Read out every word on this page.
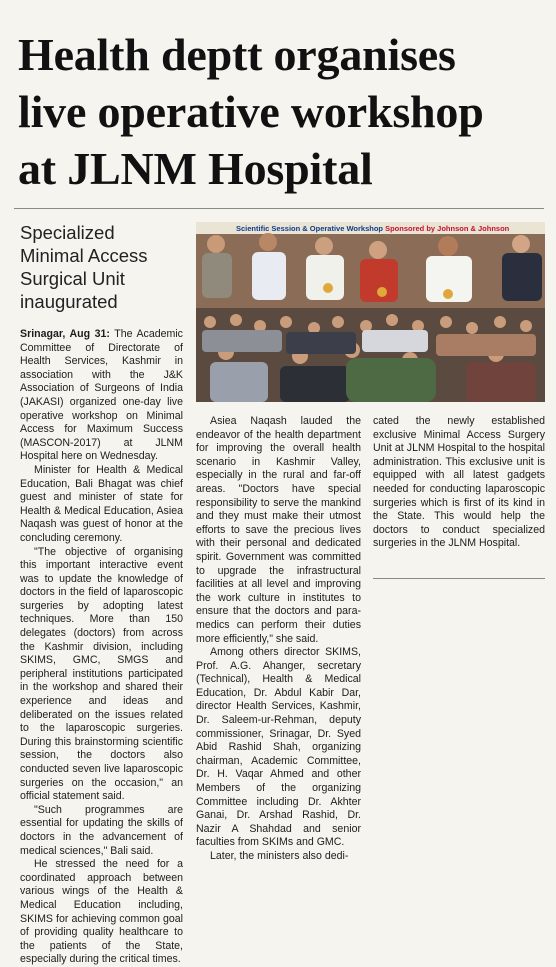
Health deptt organises
live operative workshop
at JLNM Hospital
Specialized
Minimal Access
Surgical Unit
inaugurated
Scientific Session & Operative Workshop Sponsored by Johnson & Johnson

Srinagar, Aug 31: The Academic Committee of Directorate of Health Services, Kashmir in association with the J&K Association of Surgeons of India (JAKASI) organized one-day live operative workshop on Minimal Access for Maximum Success (MASCON-2017) at JLNM Hospital here on Wednesday.

Minister for Health & Medical Education, Bali Bhagat was chief guest and minister of state for Health & Medical Education, Asiea Naqash was guest of honor at the concluding ceremony.

"The objective of organising this important interactive event was to update the knowledge of doctors in the field of laparoscopic surgeries by adopting latest techniques. More than 150 delegates (doctors) from across the Kashmir division, including SKIMS, GMC, SMGS and peripheral institutions participated in the workshop and shared their experience and ideas and deliberated on the issues related to the laparoscopic surgeries. During this brainstorming scientific session, the doctors also conducted seven live laparoscopic surgeries on the occasion," an official statement said.

"Such programmes are essential for updating the skills of doctors in the advancement of medical sciences," Bali said.

He stressed the need for a coordinated approach between various wings of the Health & Medical Education including, SKIMS for achieving common goal of providing quality healthcare to the patients of the State, especially during the critical times.

Asiea Naqash lauded the endeavor of the health department for improving the overall health scenario in Kashmir Valley, especially in the rural and far-off areas. "Doctors have special responsibility to serve the mankind and they must make their utmost efforts to save the precious lives with their personal and dedicated spirit. Government was committed to upgrade the infrastructural facilities at all level and improving the work culture in institutes to ensure that the doctors and para-medics can perform their duties more efficiently," she said.

Among others director SKIMS, Prof. A.G. Ahanger, secretary (Technical), Health & Medical Education, Dr. Abdul Kabir Dar, director Health Services, Kashmir, Dr. Saleem-ur-Rehman, deputy commissioner, Srinagar, Dr. Syed Abid Rashid Shah, organizing chairman, Academic Committee, Dr. H. Vaqar Ahmed and other Members of the organizing Committee including Dr. Akhter Ganai, Dr. Arshad Rashid, Dr. Nazir A Shahdad and senior faculties from SKIMs and GMC.

Later, the ministers also dedi-

cated the newly established exclusive Minimal Access Surgery Unit at JLNM Hospital to the hospital administration. This exclusive unit is equipped with all latest gadgets needed for conducting laparoscopic surgeries which is first of its kind in the State. This would help the doctors to conduct specialized surgeries in the JLNM Hospital.
